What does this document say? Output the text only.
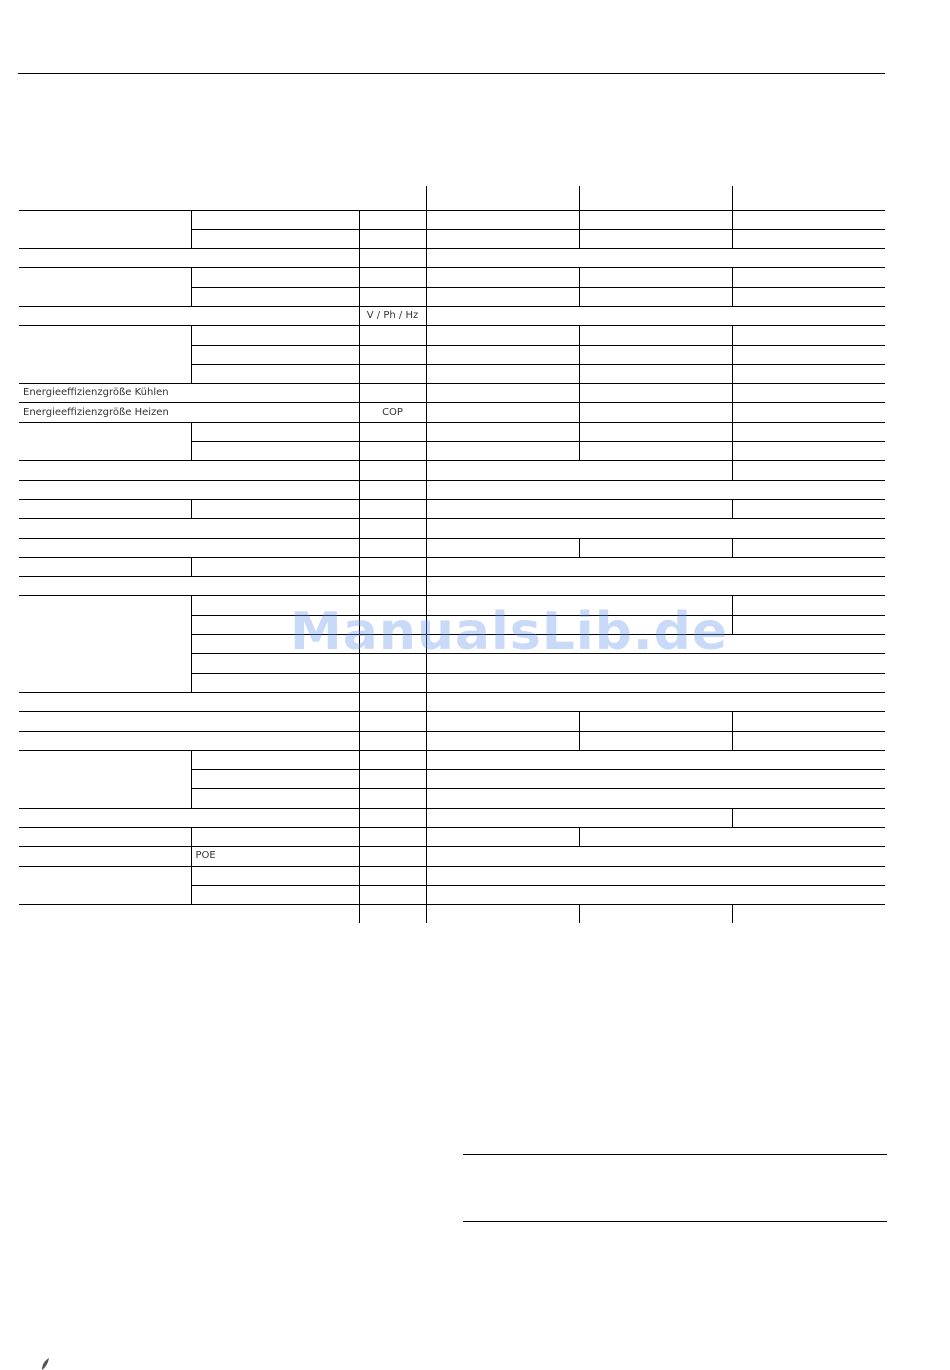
		V / Ph / Hz			

Energieeffizienzgröße Kühlen					
Energieeffizienzgröße Heizen		COP			

	POE				

ManualsLib.de
